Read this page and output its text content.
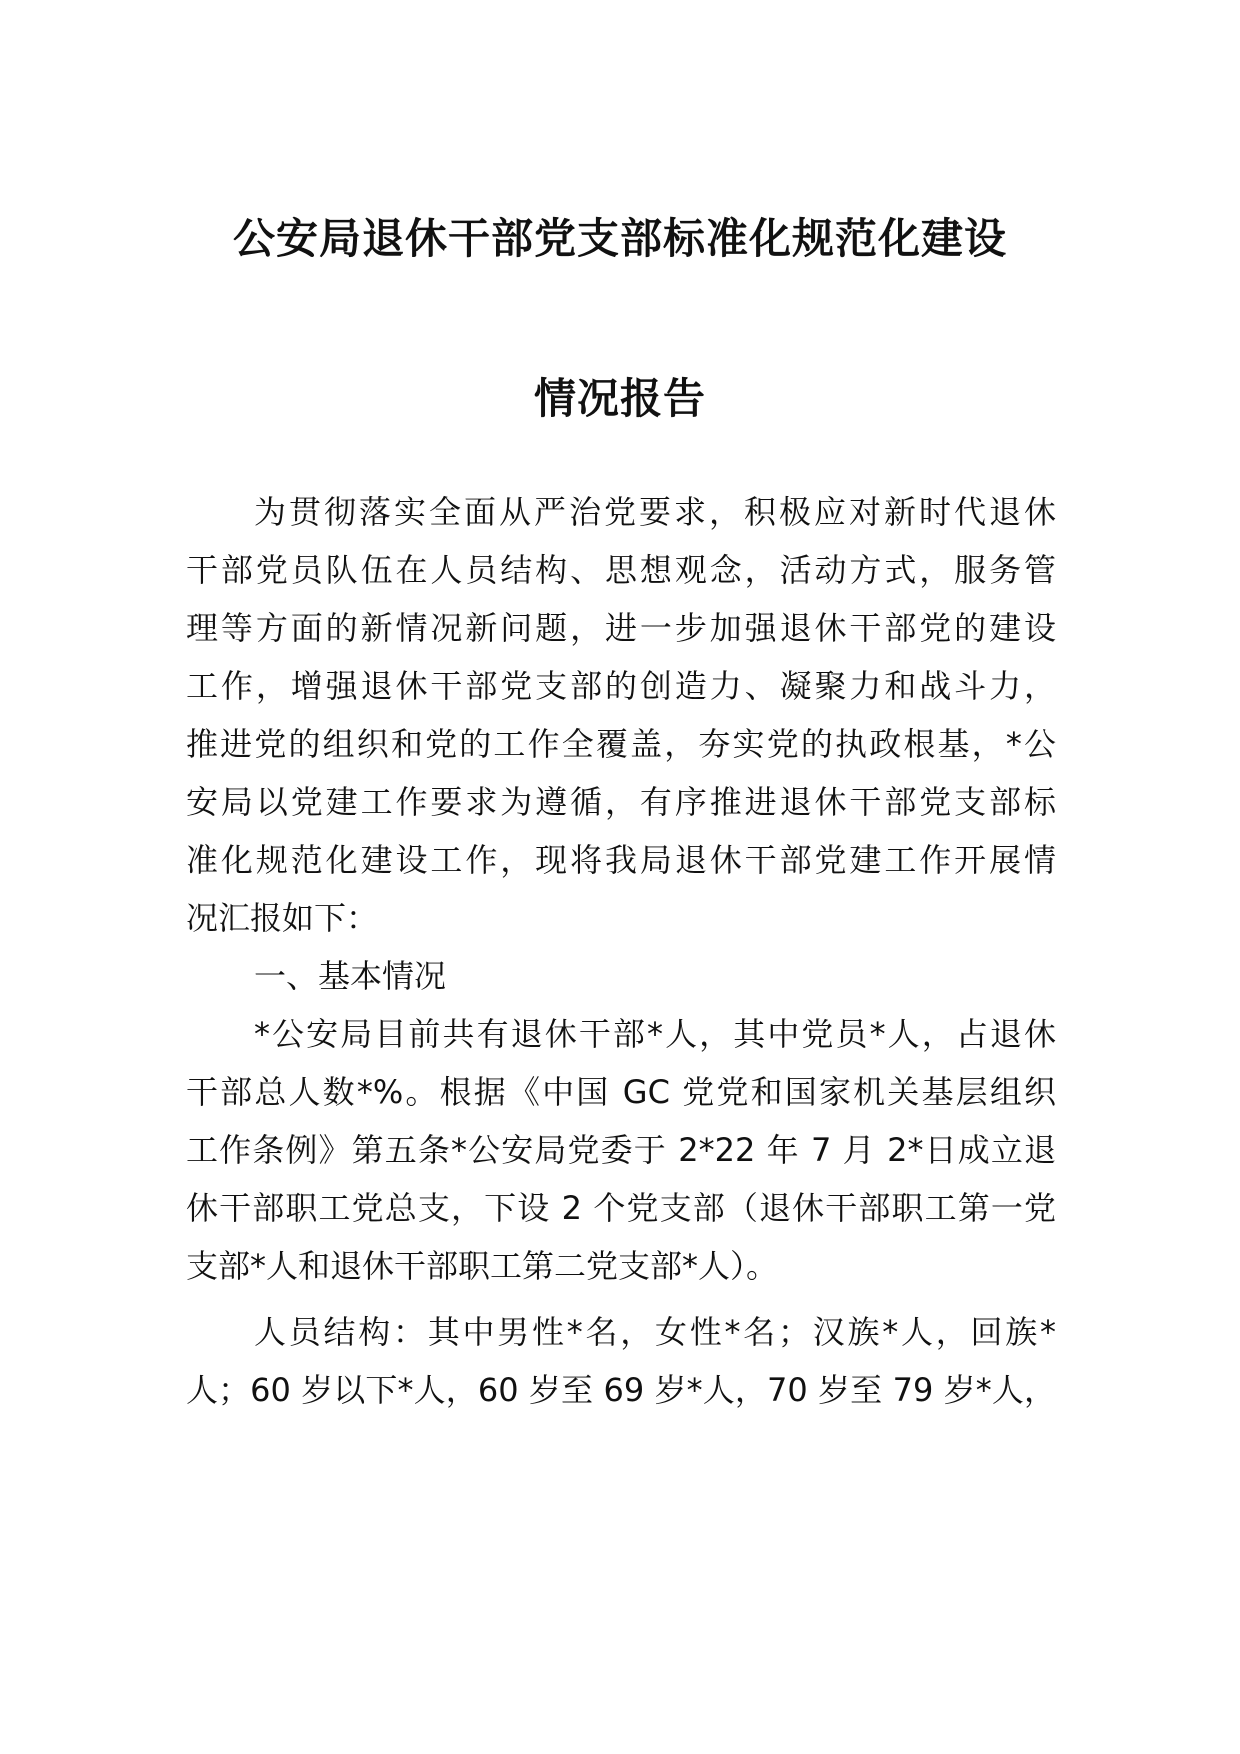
公安局退休干部党支部标准化规范化建设
情况报告
为贯彻落实全面从严治党要求，积极应对新时代退休
干部党员队伍在人员结构、思想观念，活动方式，服务管
理等方面的新情况新问题，进一步加强退休干部党的建设
工作，增强退休干部党支部的创造力、凝聚力和战斗力，
推进党的组织和党的工作全覆盖，夯实党的执政根基，*公
安局以党建工作要求为遵循，有序推进退休干部党支部标
准化规范化建设工作，现将我局退休干部党建工作开展情
况汇报如下：
一、基本情况
*公安局目前共有退休干部*人，其中党员*人，占退休
干部总人数*%。根据《中国 GC 党党和国家机关基层组织
工作条例》第五条*公安局党委于 2*22 年 7 月 2*日成立退
休干部职工党总支，下设 2 个党支部（退休干部职工第一党
支部*人和退休干部职工第二党支部*人）。
人员结构：其中男性*名，女性*名；汉族*人，回族*
人；60 岁以下*人，60 岁至 69 岁*人，70 岁至 79 岁*人，
